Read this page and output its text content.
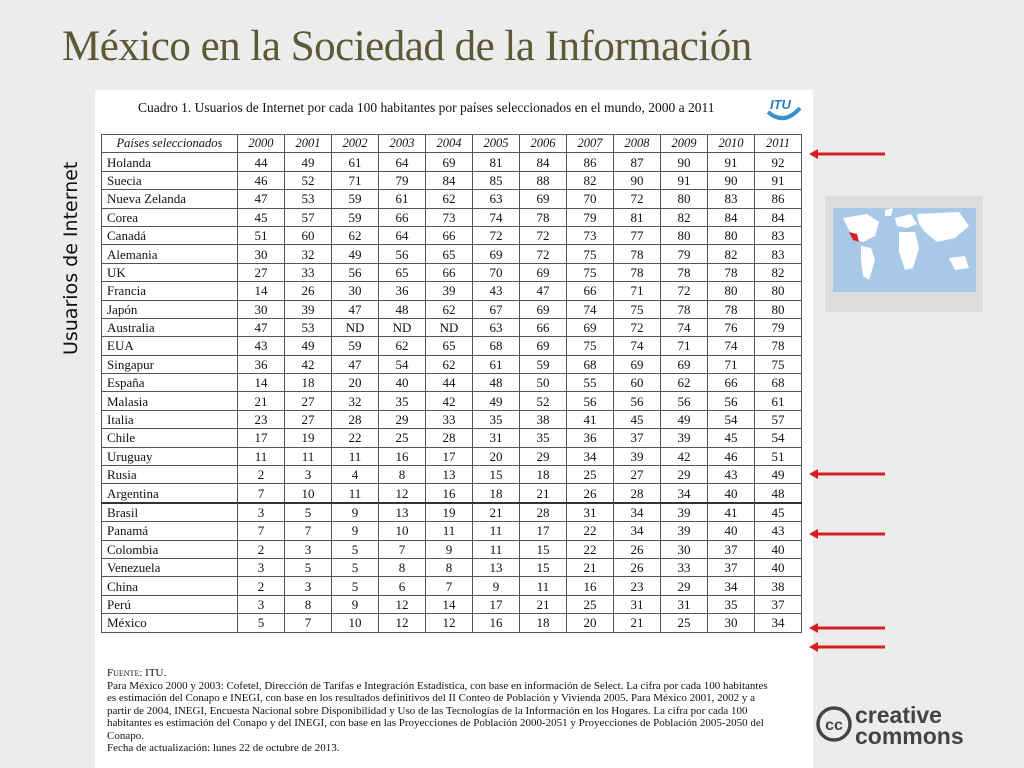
México en la Sociedad de la Información
Usuarios de Internet
Cuadro 1. Usuarios de Internet por cada 100 habitantes por países seleccionados en el mundo, 2000 a 2011	ITU
Países seleccionados	2000	2001	2002	2003	2004	2005	2006	2007	2008	2009	2010	2011
Holanda	44	49	61	64	69	81	84	86	87	90	91	92
Suecia	46	52	71	79	84	85	88	82	90	91	90	91
Nueva Zelanda	47	53	59	61	62	63	69	70	72	80	83	86
Corea	45	57	59	66	73	74	78	79	81	82	84	84
Canadá	51	60	62	64	66	72	72	73	77	80	80	83
Alemania	30	32	49	56	65	69	72	75	78	79	82	83
UK	27	33	56	65	66	70	69	75	78	78	78	82
Francia	14	26	30	36	39	43	47	66	71	72	80	80
Japón	30	39	47	48	62	67	69	74	75	78	78	80
Australia	47	53	ND	ND	ND	63	66	69	72	74	76	79
EUA	43	49	59	62	65	68	69	75	74	71	74	78
Singapur	36	42	47	54	62	61	59	68	69	69	71	75
España	14	18	20	40	44	48	50	55	60	62	66	68
Malasia	21	27	32	35	42	49	52	56	56	56	56	61
Italia	23	27	28	29	33	35	38	41	45	49	54	57
Chile	17	19	22	25	28	31	35	36	37	39	45	54
Uruguay	11	11	11	16	17	20	29	34	39	42	46	51
Rusia	2	3	4	8	13	15	18	25	27	29	43	49
Argentina	7	10	11	12	16	18	21	26	28	34	40	48
Brasil	3	5	9	13	19	21	28	31	34	39	41	45
Panamá	7	7	9	10	11	11	17	22	34	39	40	43
Colombia	2	3	5	7	9	11	15	22	26	30	37	40
Venezuela	3	5	5	8	8	13	15	21	26	33	37	40
China	2	3	5	6	7	9	11	16	23	29	34	38
Perú	3	8	9	12	14	17	21	25	31	31	35	37
México	5	7	10	12	12	16	18	20	21	25	30	34

Fuente: ITU.

Para México 2000 y 2003: Cofetel, Dirección de Tarifas e Integración Estadística, con base en información de Select. La cifra por cada 100 habitantes es estimación del Conapo e INEGI, con base en los resultados definitivos del II Conteo de Población y Vivienda 2005. Para México 2001, 2002 y a partir de 2004, INEGI, Encuesta Nacional sobre Disponibilidad y Uso de las Tecnologías de la Información en los Hogares. La cifra por cada 100 habitantes es estimación del Conapo y del INEGI, con base en las Proyecciones de Población 2000-2051 y Proyecciones de Población 2005-2050 del Conapo.

Fecha de actualización: lunes 22 de octubre de 2013.

cc creative
commons
